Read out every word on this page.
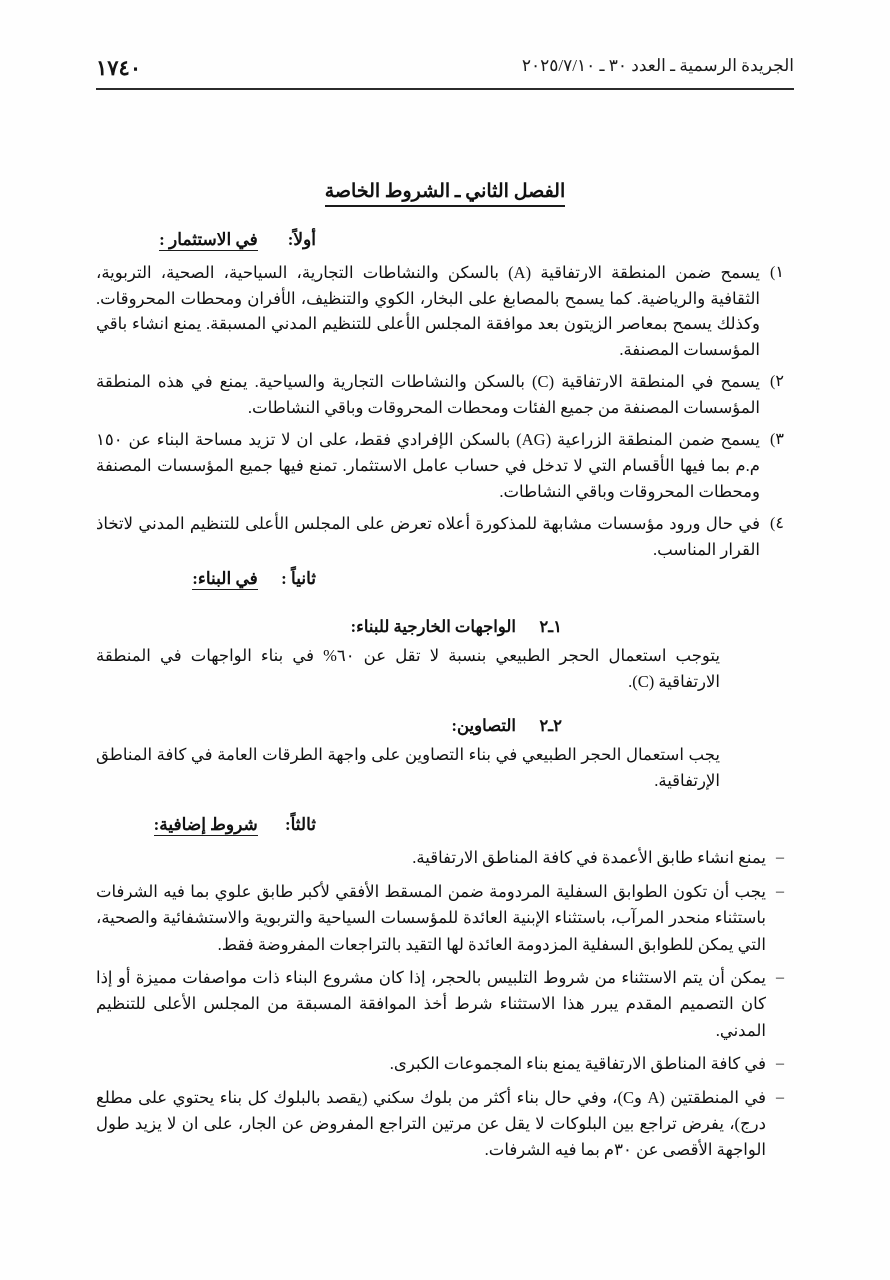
١٧٤٠	الجريدة الرسمية ـ العدد ٣٠ ـ ٢٠٢٥/٧/١٠
الفصل الثاني ـ الشروط الخاصة
أولاً: في الاستثمار :
١)
يسمح ضمن المنطقة الارتفاقية (A) بالسكن والنشاطات التجارية، السياحية، الصحية، التربوية، الثقافية والرياضية. كما يسمح بالمصابغ على البخار، الكوي والتنظيف، الأفران ومحطات المحروقات. وكذلك يسمح بمعاصر الزيتون بعد موافقة المجلس الأعلى للتنظيم المدني المسبقة. يمنع انشاء باقي المؤسسات المصنفة.
٢)
يسمح في المنطقة الارتفاقية (C) بالسكن والنشاطات التجارية والسياحية. يمنع في هذه المنطقة المؤسسات المصنفة من جميع الفئات ومحطات المحروقات وباقي النشاطات.
٣)
يسمح ضمن المنطقة الزراعية (AG) بالسكن الإفرادي فقط، على ان لا تزيد مساحة البناء عن ١٥٠ م.م بما فيها الأقسام التي لا تدخل في حساب عامل الاستثمار. تمنع فيها جميع المؤسسات المصنفة ومحطات المحروقات وباقي النشاطات.
٤)
في حال ورود مؤسسات مشابهة للمذكورة أعلاه تعرض على المجلس الأعلى للتنظيم المدني لاتخاذ القرار المناسب.
ثانياً : في البناء:
١ـ٢
الواجهات الخارجية للبناء:
يتوجب استعمال الحجر الطبيعي بنسبة لا تقل عن ٦٠% في بناء الواجهات في المنطقة الارتفاقية (C).
٢ـ٢
التصاوين:
يجب استعمال الحجر الطبيعي في بناء التصاوين على واجهة الطرقات العامة في كافة المناطق الإرتفاقية.
ثالثاً: شروط إضافية:
–
يمنع انشاء طابق الأعمدة في كافة المناطق الارتفاقية.
–
يجب أن تكون الطوابق السفلية المردومة ضمن المسقط الأفقي لأكبر طابق علوي بما فيه الشرفات باستثناء منحدر المرآب، باستثناء الإبنية العائدة للمؤسسات السياحية والتربوية والاستشفائية والصحية، التي يمكن للطوابق السفلية المزدومة العائدة لها التقيد بالتراجعات المفروضة فقط.
–
يمكن أن يتم الاستثناء من شروط التلبيس بالحجر، إذا كان مشروع البناء ذات مواصفات مميزة أو إذا كان التصميم المقدم يبرر هذا الاستثناء شرط أخذ الموافقة المسبقة من المجلس الأعلى للتنظيم المدني.
–
في كافة المناطق الارتفاقية يمنع بناء المجموعات الكبرى.
–
في المنطقتين (A وC)، وفي حال بناء أكثر من بلوك سكني (يقصد بالبلوك كل بناء يحتوي على مطلع درج)، يفرض تراجع بين البلوكات لا يقل عن مرتين التراجع المفروض عن الجار، على ان لا يزيد طول الواجهة الأقصى عن ٣٠م بما فيه الشرفات.
